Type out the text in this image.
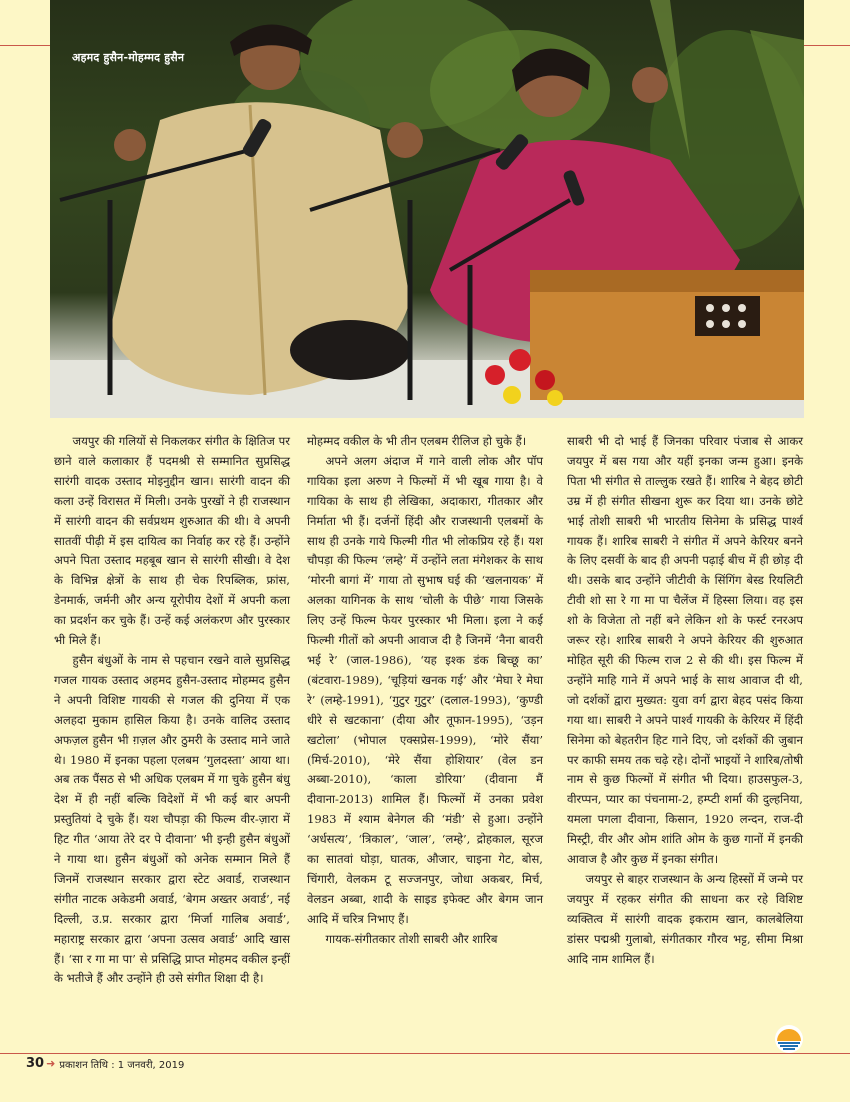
अहमद हुसैन-मोहम्मद हुसैन

जयपुर की गलियों से निकलकर संगीत के क्षितिज पर छाने वाले कलाकार हैं पदमश्री से सम्मानित सुप्रसिद्ध सारंगी वादक उस्ताद मोइनुद्दीन खान। सारंगी वादन की कला उन्हें विरासत में मिली। उनके पुरखों ने ही राजस्थान में सारंगी वादन की सर्वप्रथम शुरुआत की थी। वे अपनी सातवीं पीढ़ी में इस दायित्व का निर्वाह कर रहे हैं। उन्होंने अपने पिता उस्ताद महबूब खान से सारंगी सीखी। वे देश के विभिन्न क्षेत्रों के साथ ही चेक रिपब्लिक, फ्रांस, डेनमार्क, जर्मनी और अन्य यूरोपीय देशों में अपनी कला का प्रदर्शन कर चुके हैं। उन्हें कई अलंकरण और पुरस्कार भी मिले हैं।

हुसैन बंधुओं के नाम से पहचान रखने वाले सुप्रसिद्ध गजल गायक उस्ताद अहमद हुसैन-उस्ताद मोहम्मद हुसैन ने अपनी विशिष्ट गायकी से गजल की दुनिया में एक अलहदा मुकाम हासिल किया है। उनके वालिद उस्ताद अफज़ल हुसैन भी ग़ज़ल और ठुमरी के उस्ताद माने जाते थे। 1980 में इनका पहला एलबम ‘गुलदस्ता’ आया था। अब तक पैंसठ से भी अधिक एलबम में गा चुके हुसैन बंधु देश में ही नहीं बल्कि विदेशों में भी कई बार अपनी प्रस्तुतियां दे चुके हैं। यश चौपड़ा की फिल्म वीर-ज़ारा में हिट गीत ‘आया तेरे दर पे दीवाना’ भी इन्ही हुसैन बंधुओं ने गाया था। हुसैन बंधुओं को अनेक सम्मान मिले हैं जिनमें राजस्थान सरकार द्वारा स्टेट अवार्ड, राजस्थान संगीत नाटक अकेडमी अवार्ड, ‘बेगम अख्तर अवार्ड’, नई दिल्ली, उ.प्र. सरकार द्वारा ‘मिर्जा गालिब अवार्ड’, महाराष्ट्र सरकार द्वारा ‘अपना उत्सव अवार्ड’ आदि खास हैं। ‘सा र गा मा पा’ से प्रसिद्धि प्राप्त मोहमद वकील इन्हीं के भतीजे हैं और उन्होंने ही उसे संगीत शिक्षा दी है।

मोहम्मद वकील के भी तीन एलबम रीलिज हो चुके हैं।

अपने अलग अंदाज में गाने वाली लोक और पॉप गायिका इला अरुण ने फिल्मों में भी खूब गाया है। वे गायिका के साथ ही लेखिका, अदाकारा, गीतकार और निर्माता भी हैं। दर्जनों हिंदी और राजस्थानी एलबमों के साथ ही उनके गाये फिल्मी गीत भी लोकप्रिय रहे हैं। यश चौपड़ा की फिल्म ‘लम्हे’ में उन्होंने लता मंगेशकर के साथ ‘मोरनी बागां में’ गाया तो सुभाष घई की ‘खलनायक’ में अलका यागिनक के साथ ‘चोली के पीछे’ गाया जिसके लिए उन्हें फिल्म फेयर पुरस्कार भी मिला। इला ने कई फिल्मी गीतों को अपनी आवाज दी है जिनमें ‘नैना बावरी भई रे’ (जाल-1986), ‘यह इश्क डंक बिच्छू का’ (बंटवारा-1989), ‘चूड़ियां खनक गई’ और ‘मेघा रे मेघा रे’ (लम्हे-1991), ‘गुटुर गुटुर’ (दलाल-1993), ‘कुण्डी धीरे से खटकाना’ (दीया और तूफान-1995), ‘उड़न खटोला’ (भोपाल एक्सप्रेस-1999), ‘मोरे सैंया’ (मिर्च-2010), ‘मेरे सैंया होशियार’ (वेल डन अब्बा-2010), ‘काला डोरिया’ (दीवाना मैं दीवाना-2013) शामिल हैं। फिल्मों में उनका प्रवेश 1983 में श्याम बेनेगल की ‘मंडी’ से हुआ। उन्होंने ‘अर्धसत्य’, ‘त्रिकाल’, ‘जाल’, ‘लम्हे’, द्रोहकाल, सूरज का सातवां घोड़ा, घातक, औजार, चाइना गेट, बोस, चिंगारी, वेलकम टू सज्जनपुर, जोधा अकबर, मिर्च, वेलडन अब्बा, शादी के साइड इफेक्ट और बेगम जान आदि में चरित्र निभाए हैं।

गायक-संगीतकार तोशी साबरी और शारिब

साबरी भी दो भाई हैं जिनका परिवार पंजाब से आकर जयपुर में बस गया और यहीं इनका जन्म हुआ। इनके पिता भी संगीत से ताल्लुक रखते हैं। शारिब ने बेहद छोटी उम्र में ही संगीत सीखना शुरू कर दिया था। उनके छोटे भाई तोशी साबरी भी भारतीय सिनेमा के प्रसिद्ध पार्श्व गायक हैं। शारिब साबरी ने संगीत में अपने केरियर बनने के लिए दसवीं के बाद ही अपनी पढ़ाई बीच में ही छोड़ दी थी। उसके बाद उन्होंने जीटीवी के सिंगिंग बेस्ड रियलिटी टीवी शो सा रे गा मा पा चैलेंज में हिस्सा लिया। वह इस शो के विजेता तो नहीं बने लेकिन शो के फर्स्ट रनरअप जरूर रहे। शारिब साबरी ने अपने केरियर की शुरुआत मोहित सूरी की फिल्म राज 2 से की थी। इस फिल्म में उन्होंने माहि गाने में अपने भाई के साथ आवाज दी थी, जो दर्शकों द्वारा मुख्यत: युवा वर्ग द्वारा बेहद पसंद किया गया था। साबरी ने अपने पार्श्व गायकी के केरियर में हिंदी सिनेमा को बेहतरीन हिट गाने दिए, जो दर्शकों की जुबान पर काफी समय तक चढ़े रहे। दोनों भाइयों ने शारिब/तोषी नाम से कुछ फिल्मों में संगीत भी दिया। हाउसफुल-3, वीरप्पन, प्यार का पंचनामा-2, हम्प्टी शर्मा की दुल्हनिया, यमला पगला दीवाना, किसान, 1920 लन्दन, राज-दी मिस्ट्री, वीर और ओम शांति ओम के कुछ गानों में इनकी आवाज है और कुछ में इनका संगीत।

जयपुर से बाहर राजस्थान के अन्य हिस्सों में जन्मे पर जयपुर में रहकर संगीत की साधना कर रहे विशिष्ट व्यक्तित्व में सारंगी वादक इकराम खान, कालबेलिया डांसर पद्मश्री गुलाबो, संगीतकार गौरव भट्ट, सीमा मिश्रा आदि नाम शामिल हैं।

30 ➜ प्रकाशन तिथि : 1 जनवरी, 2019
